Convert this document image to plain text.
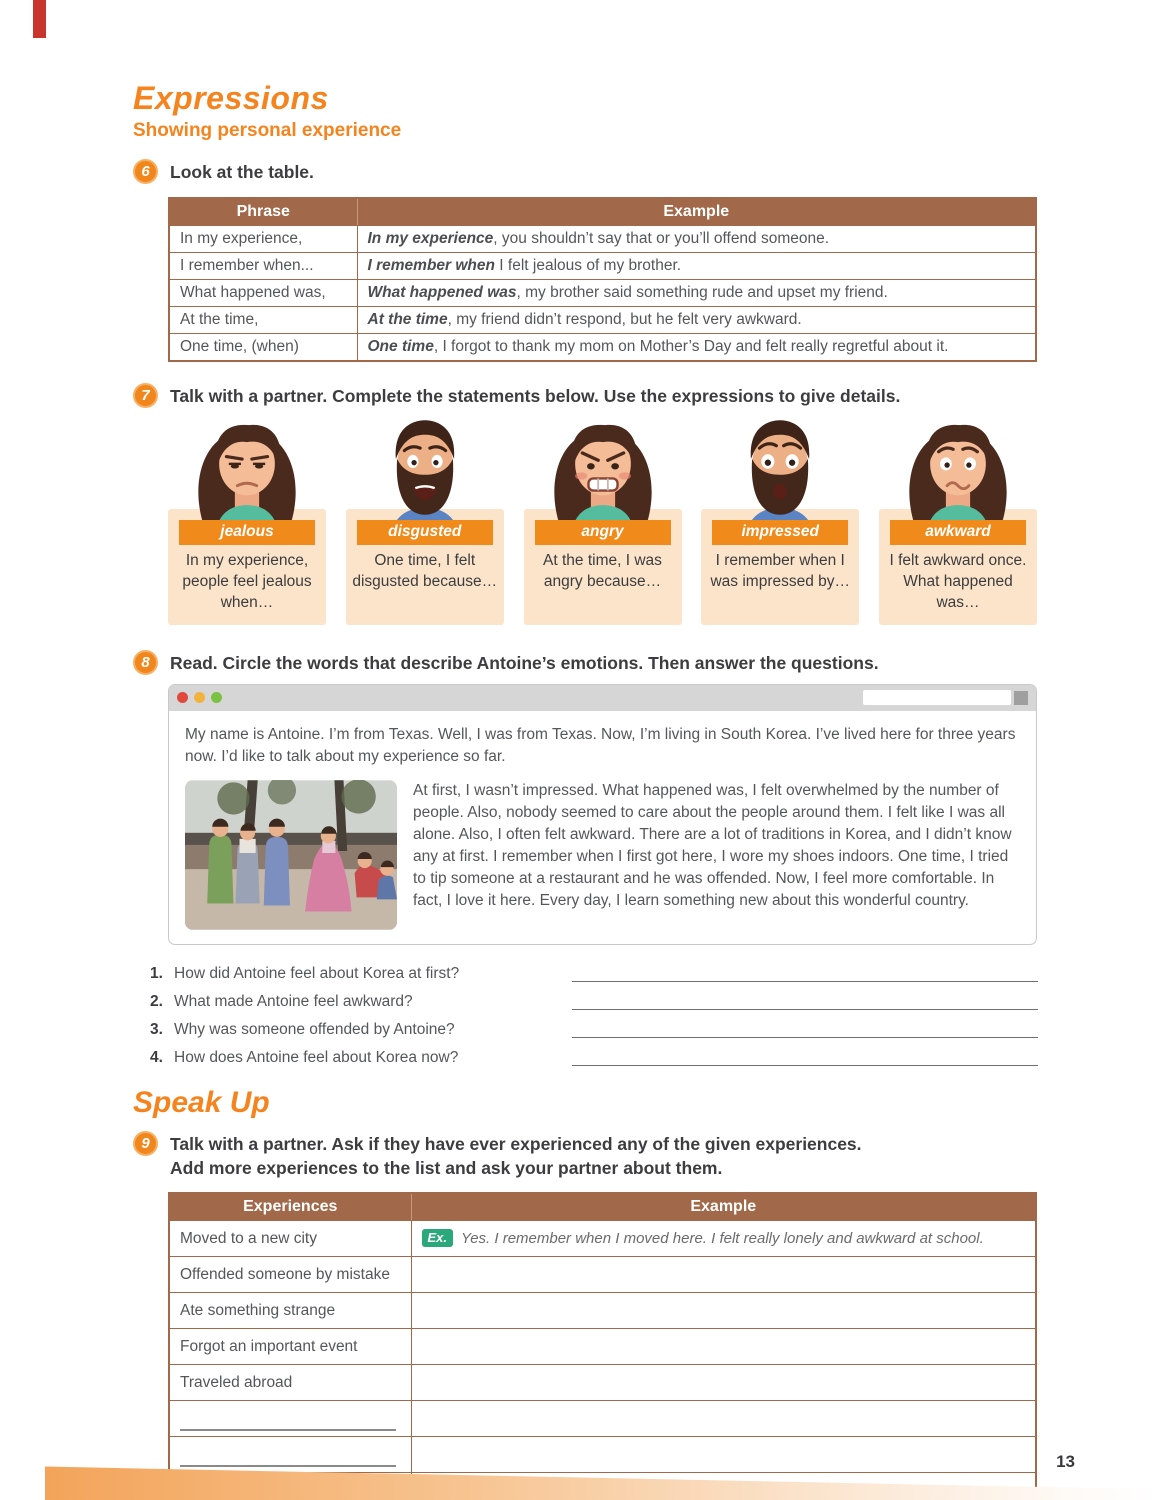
Expressions
Showing personal experience
6	Look at the table.
Phrase	Example
In my experience,	In my experience, you shouldn’t say that or you’ll offend someone.
I remember when...	I remember when I felt jealous of my brother.
What happened was,	What happened was, my brother said something rude and upset my friend.
At the time,	At the time, my friend didn’t respond, but he felt very awkward.
One time, (when)	One time, I forgot to thank my mom on Mother’s Day and felt really regretful about it.
7	Talk with a partner. Complete the statements below. Use the expressions to give details.
jealous
In my experience, people feel jealous when…
disgusted
One time, I felt disgusted because…
angry
At the time, I was angry because…
impressed
I remember when I was impressed by…
awkward
I felt awkward once. What happened was…
8	Read. Circle the words that describe Antoine’s emotions. Then answer the questions.

My name is Antoine. I’m from Texas. Well, I was from Texas. Now, I’m living in South Korea. I’ve lived here for three years now. I’d like to talk about my experience so far.

At first, I wasn’t impressed. What happened was, I felt overwhelmed by the number of people. Also, nobody seemed to care about the people around them. I felt like I was all alone. Also, I often felt awkward. There are a lot of traditions in Korea, and I didn’t know any at first. I remember when I first got here, I wore my shoes indoors. One time, I tried to tip someone at a restaurant and he was offended. Now, I feel more comfortable. In fact, I love it here. Every day, I learn something new about this wonderful country.

1. How did Antoine feel about Korea at first?
2. What made Antoine feel awkward?
3. Why was someone offended by Antoine?
4. How does Antoine feel about Korea now?
Speak Up
9	Talk with a partner. Ask if they have ever experienced any of the given experiences.
Add more experiences to the list and ask your partner about them.
Experiences	Example
Moved to a new city	Ex. Yes. I remember when I moved here. I felt really lonely and awkward at school.
Offended someone by mistake	
Ate something strange	
Forgot an important event	
Traveled abroad	

13
